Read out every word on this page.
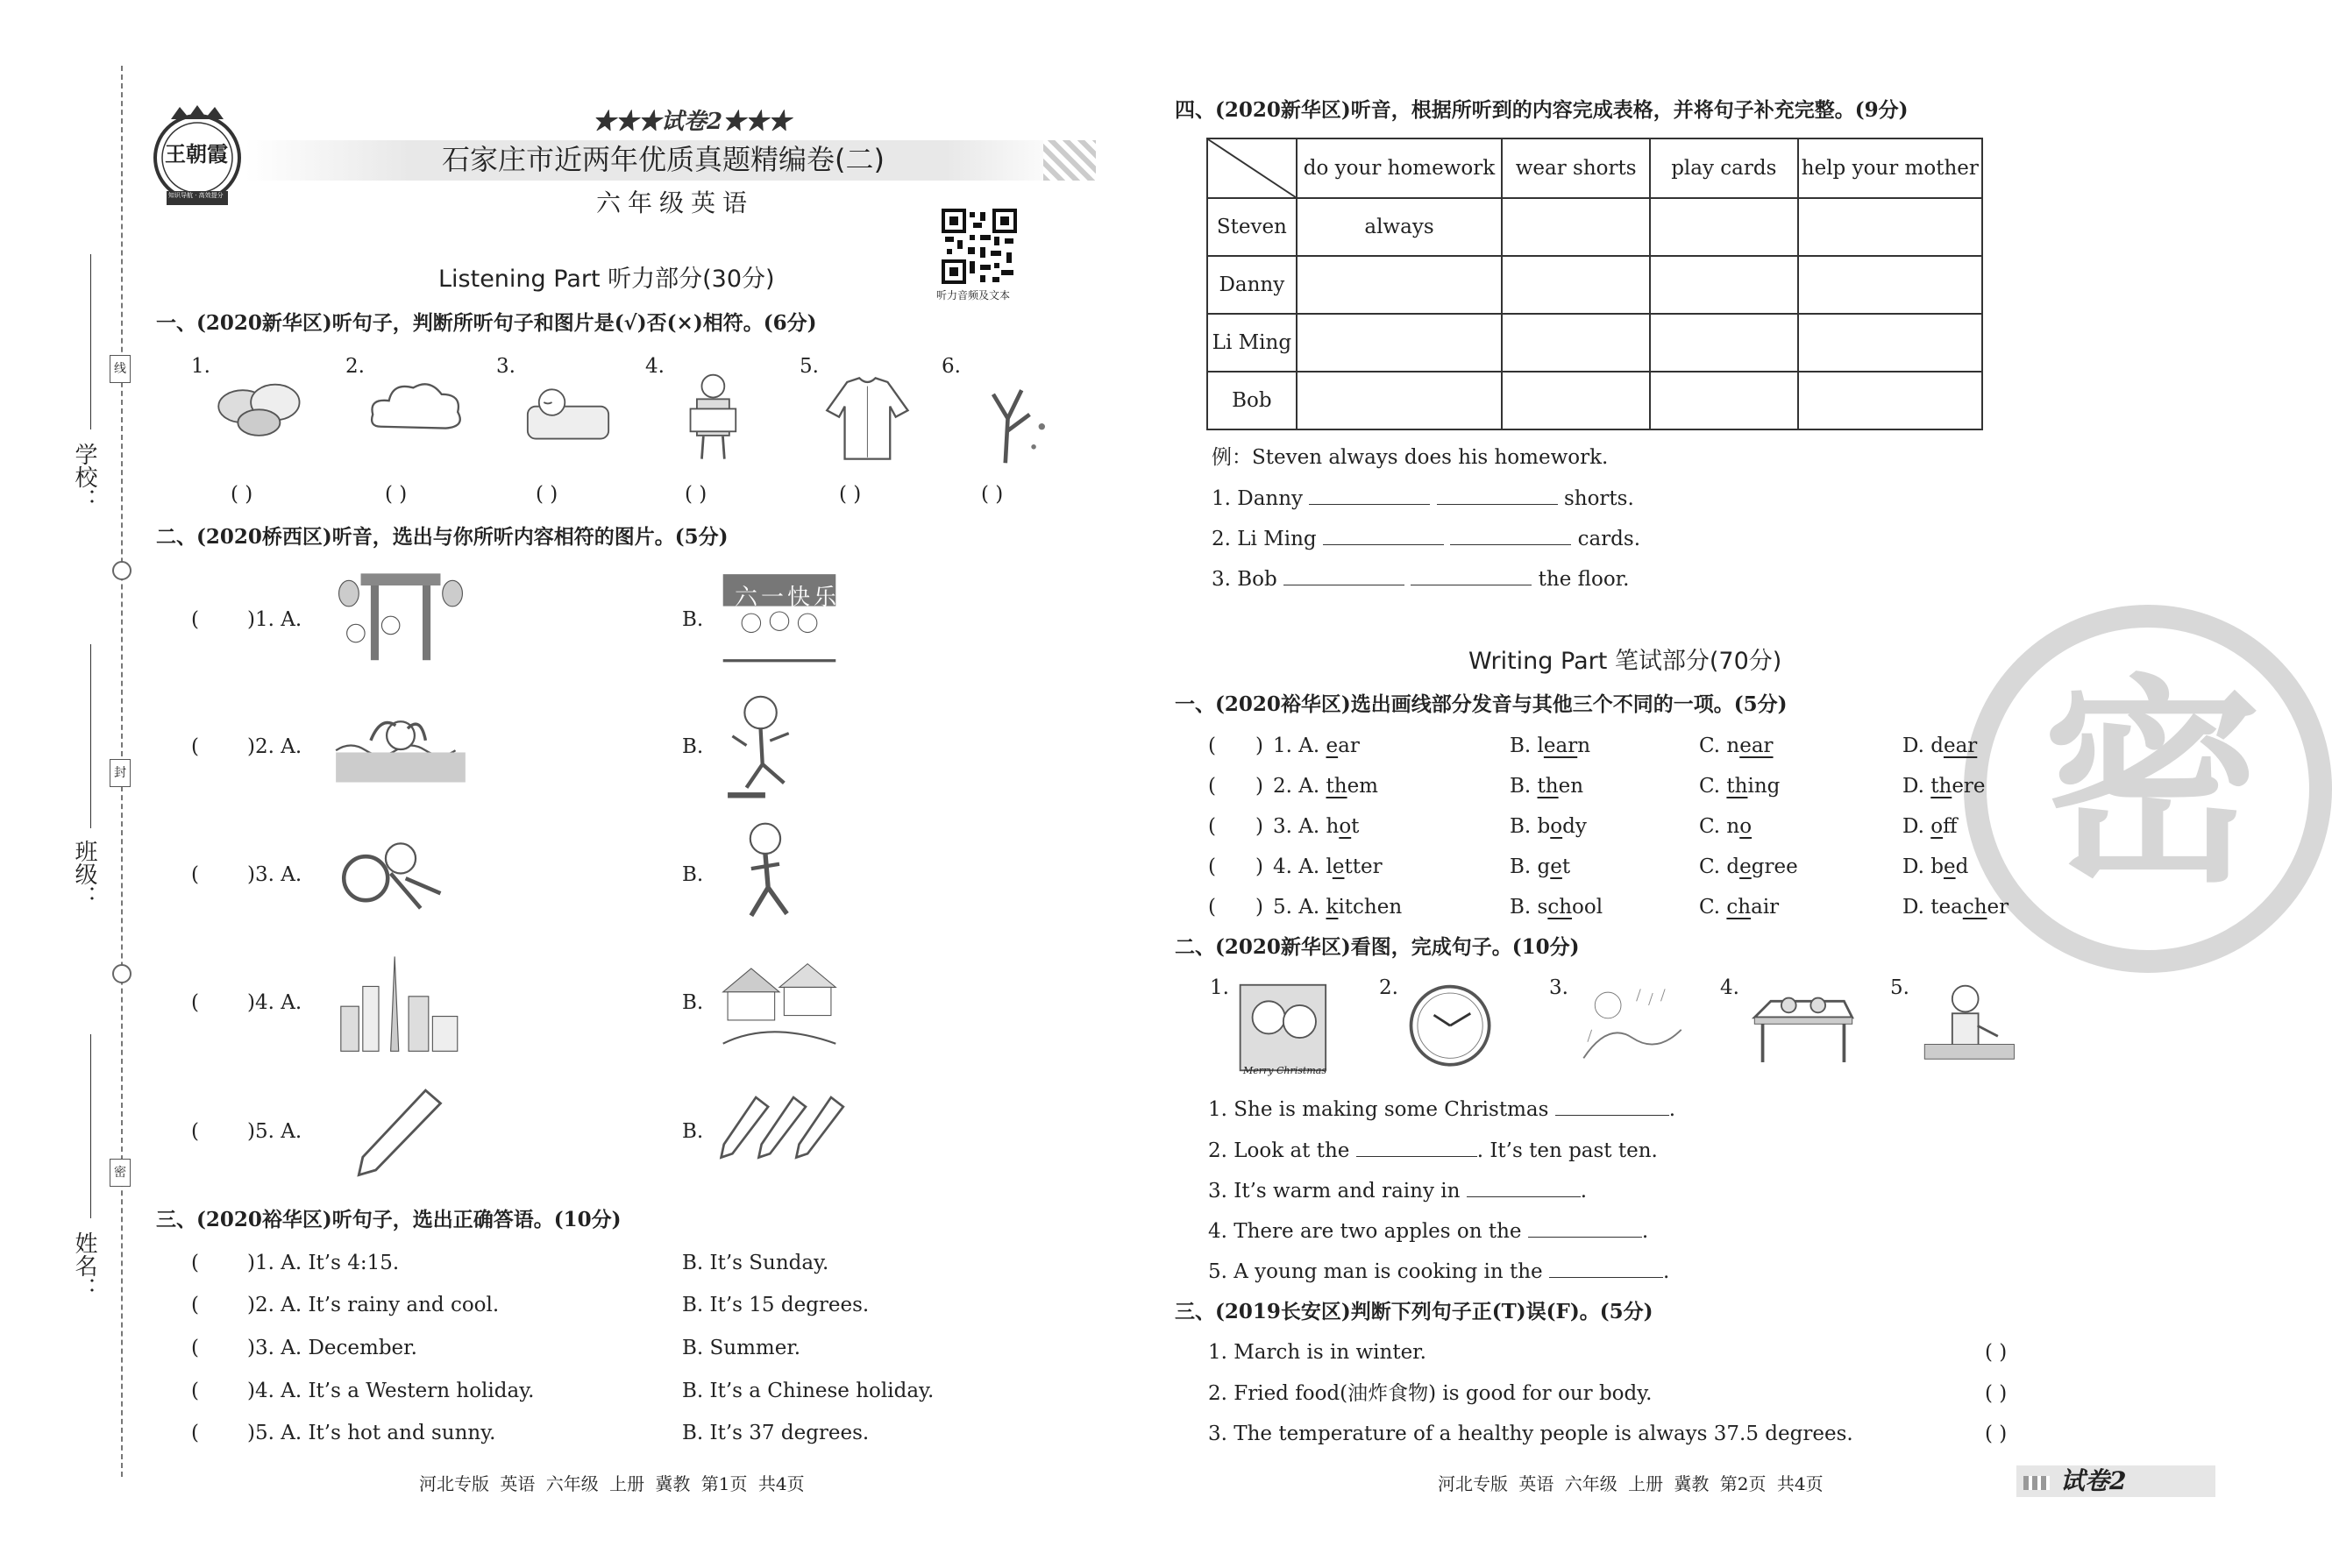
学校：
班级：
姓名：
线
封
密
王朝霞
知识导航 · 高效提分
★★★试卷2★★★
石家庄市近两年优质真题精编卷(二)
六年级英语
听力音频及文本
Listening Part 听力部分(30分)
一、(2020新华区)听句子，判断所听句子和图片是(√)否(×)相符。(6分)
二、(2020桥西区)听音，选出与你所听内容相符的图片。(5分)
三、(2020裕华区)听句子，选出正确答语。(10分)
河北专版 英语 六年级 上册 冀教 第1页 共4页
四、(2020新华区)听音，根据所听到的内容完成表格，并将句子补充完整。(9分)
	do your homework	wear shorts	play cards	help your mother
Steven	always			
Danny				
Li Ming				
Bob				
例：Steven always does his homework.
Writing Part 笔试部分(70分)
一、(2020裕华区)选出画线部分发音与其他三个不同的一项。(5分)
二、(2020新华区)看图，完成句子。(10分)
三、(2019长安区)判断下列句子正(T)误(F)。(5分)
密
河北专版 英语 六年级 上册 冀教 第2页 共4页	试卷2
1.
( )
2.
( )
3.
( )
4.
( )
5.
( )
6.
( )
( )1. A.	B.
( )2. A.	B.
( )3. A.	B.
( )4. A.	B.
( )5. A.	B.
六一快乐
( )1. A. It’s 4:15.	B. It’s Sunday.
( )2. A. It’s rainy and cool.	B. It’s 15 degrees.
( )3. A. December.	B. Summer.
( )4. A. It’s a Western holiday.	B. It’s a Chinese holiday.
( )5. A. It’s hot and sunny.	B. It’s 37 degrees.
1. Danny	shorts.
2. Li Ming	cards.
3. Bob	the floor.
( ) 1. A. ear	B. learn	C. near	D. dear
( ) 2. A. them	B. then	C. thing	D. there
( ) 3. A. hot	B. body	C. no	D. off
( ) 4. A. letter	B. get	C. degree	D. bed
( ) 5. A. kitchen	B. school	C. chair	D. teacher
1.	2.	3.	4.	5.
Merry Christmas
1. She is making some Christmas	.
2. Look at the	. It’s ten past ten.
3. It’s warm and rainy in	.
4. There are two apples on the	.
5. A young man is cooking in the	.
1. March is in winter.	( )
2. Fried food(油炸食物) is good for our body.	( )
3. The temperature of a healthy people is always 37.5 degrees.	( )
